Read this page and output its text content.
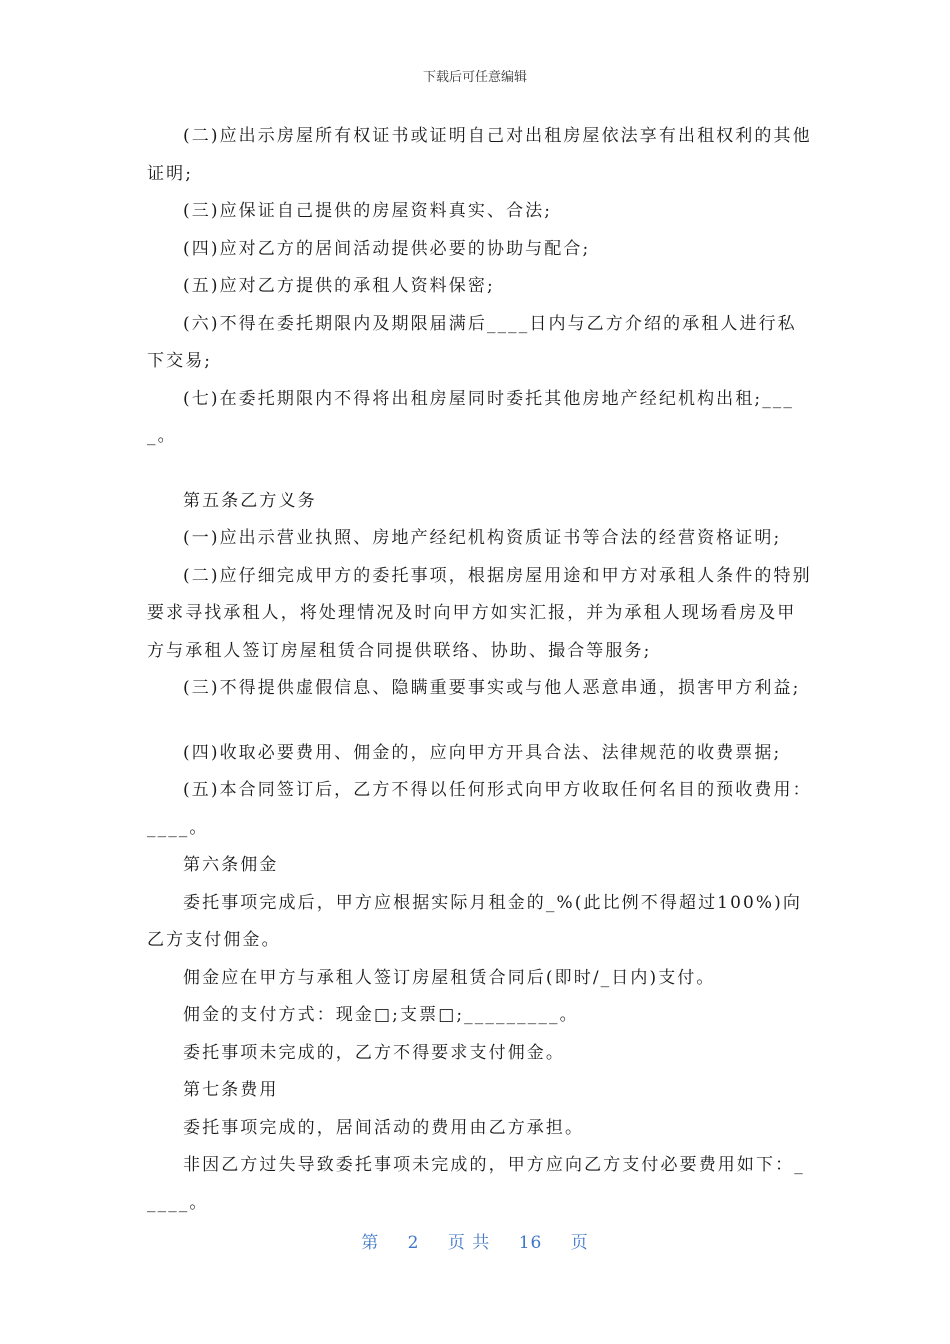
下载后可任意编辑

(二)应出示房屋所有权证书或证明自己对出租房屋依法享有出租权利的其他证明;

(三)应保证自己提供的房屋资料真实、合法;

(四)应对乙方的居间活动提供必要的协助与配合;

(五)应对乙方提供的承租人资料保密;

(六)不得在委托期限内及期限届满后____日内与乙方介绍的承租人进行私下交易;

(七)在委托期限内不得将出租房屋同时委托其他房地产经纪机构出租;____。

第五条乙方义务

(一)应出示营业执照、房地产经纪机构资质证书等合法的经营资格证明;

(二)应仔细完成甲方的委托事项，根据房屋用途和甲方对承租人条件的特别要求寻找承租人，将处理情况及时向甲方如实汇报，并为承租人现场看房及甲方与承租人签订房屋租赁合同提供联络、协助、撮合等服务;

(三)不得提供虚假信息、隐瞒重要事实或与他人恶意串通，损害甲方利益;

(四)收取必要费用、佣金的，应向甲方开具合法、法律规范的收费票据;

(五)本合同签订后，乙方不得以任何形式向甲方收取任何名目的预收费用：____。

第六条佣金

委托事项完成后，甲方应根据实际月租金的_%(此比例不得超过100%)向乙方支付佣金。

佣金应在甲方与承租人签订房屋租赁合同后(即时/_日内)支付。

佣金的支付方式：现金□;支票□;_________。

委托事项未完成的，乙方不得要求支付佣金。

第七条费用

委托事项完成的，居间活动的费用由乙方承担。

非因乙方过失导致委托事项未完成的，甲方应向乙方支付必要费用如下：_____。

第 2 页 共 16 页
